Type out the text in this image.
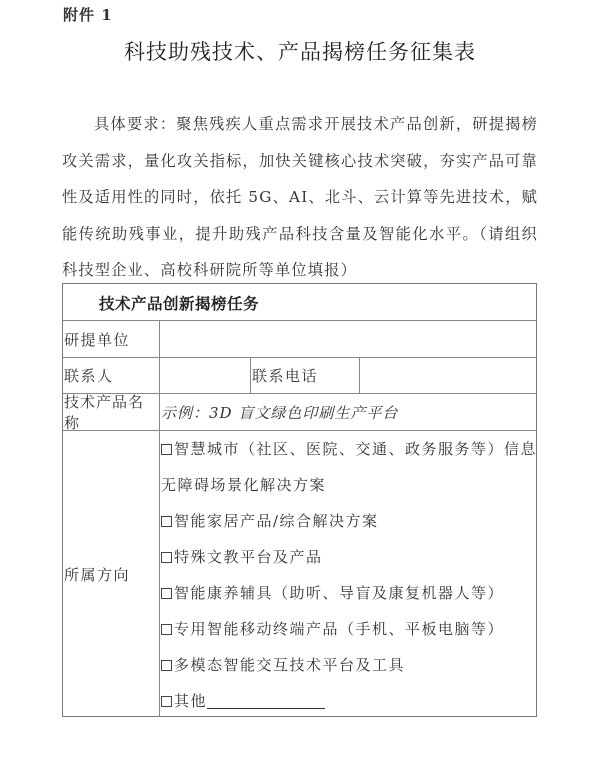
附件 1
科技助残技术、产品揭榜任务征集表
具体要求：聚焦残疾人重点需求开展技术产品创新，研提揭榜攻关需求，量化攻关指标，加快关键核心技术突破，夯实产品可靠性及适用性的同时，依托 5G、AI、北斗、云计算等先进技术，赋能传统助残事业，提升助残产品科技含量及智能化水平。（请组织科技型企业、高校科研院所等单位填报）
技术产品创新揭榜任务
研提单位
联系人	联系电话
技术产品名称
示例：3D 盲文绿色印刷生产平台
所属方向
智慧城市（社区、医院、交通、政务服务等）信息无障碍场景化解决方案
智能家居产品/综合解决方案
特殊文教平台及产品
智能康养辅具（助听、导盲及康复机器人等）
专用智能移动终端产品（手机、平板电脑等）
多模态智能交互技术平台及工具
其他
